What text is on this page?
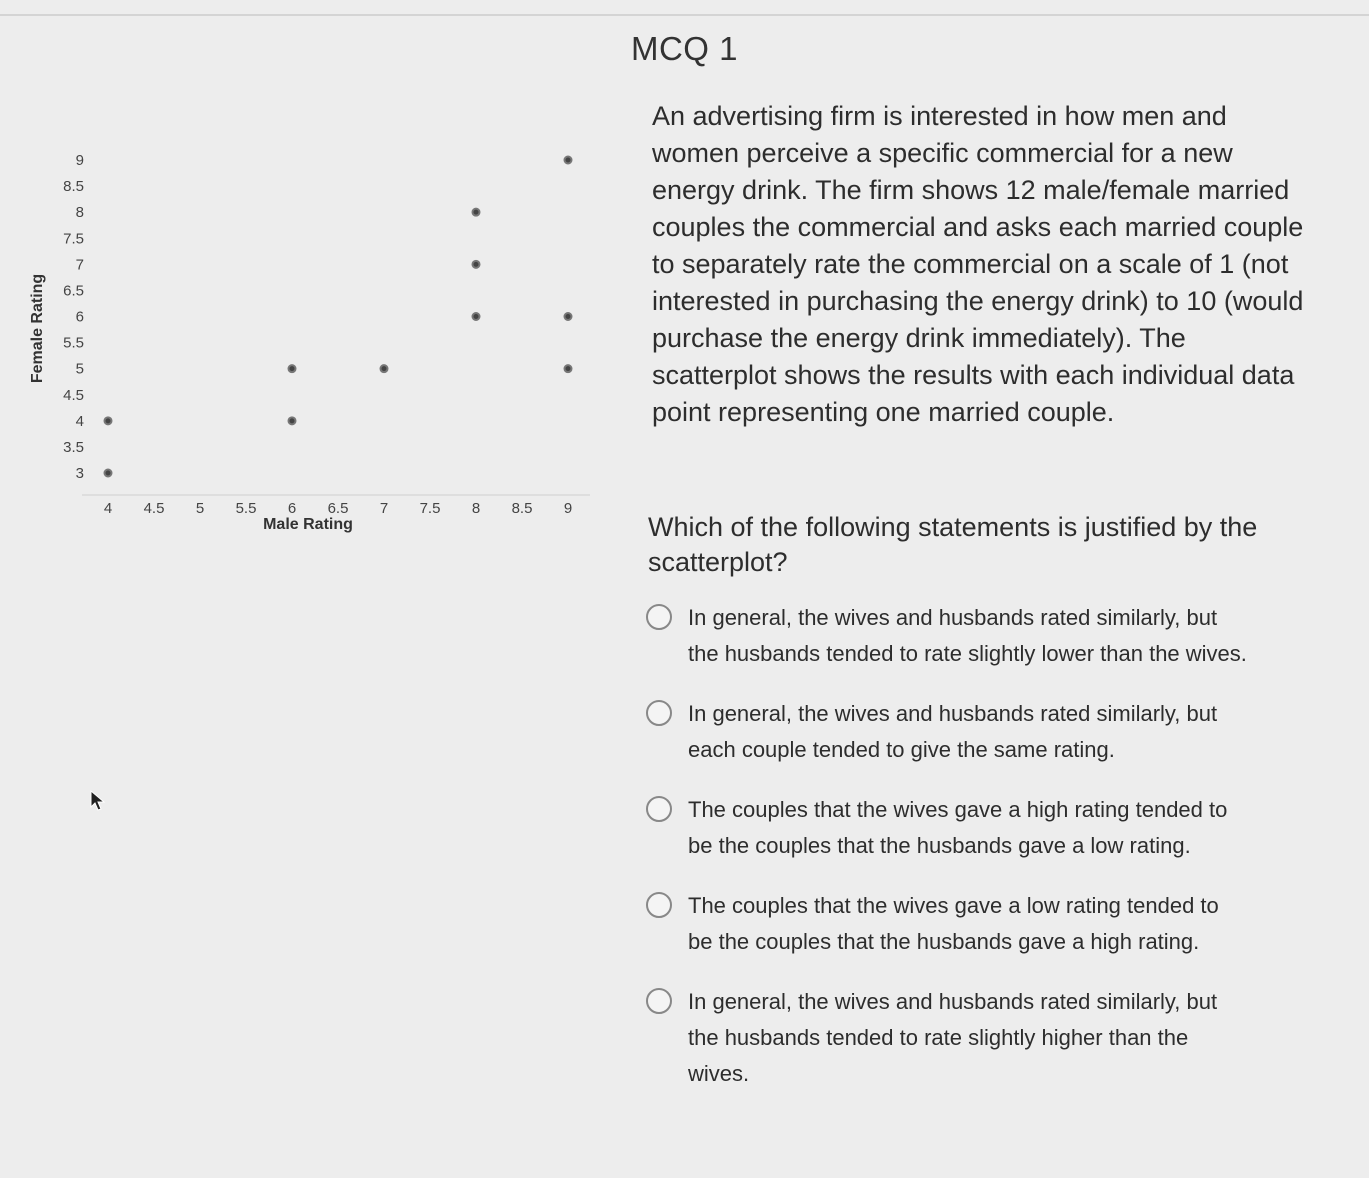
MCQ 1
3
3.5
4
4.5
5
5.5
6
6.5
7
7.5
8
8.5
9
4 4.5 5 5.5 6 6.5 7 7.5 8 8.5 9
Male Rating
Female Rating
An advertising firm is interested in how men and women perceive a specific commercial for a new energy drink. The firm shows 12 male/female married couples the commercial and asks each married couple to separately rate the commercial on a scale of 1 (not interested in purchasing the energy drink) to 10 (would purchase the energy drink immediately). The scatterplot shows the results with each individual data point representing one married couple.
Which of the following statements is justified by the scatterplot?
In general, the wives and husbands rated similarly, but the husbands tended to rate slightly lower than the wives.
In general, the wives and husbands rated similarly, but each couple tended to give the same rating.
The couples that the wives gave a high rating tended to be the couples that the husbands gave a low rating.
The couples that the wives gave a low rating tended to be the couples that the husbands gave a high rating.
In general, the wives and husbands rated similarly, but the husbands tended to rate slightly higher than the wives.
